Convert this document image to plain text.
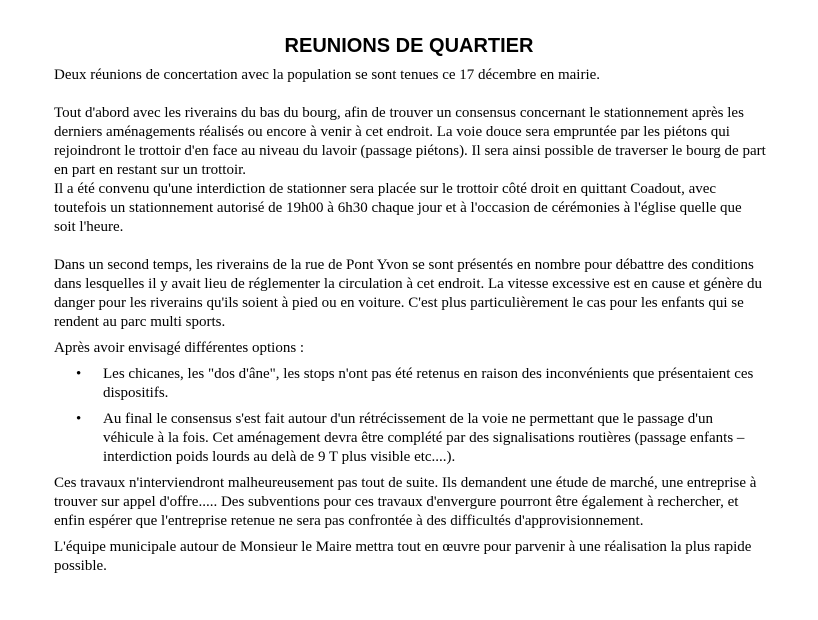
REUNIONS DE QUARTIER

Deux réunions de concertation avec la population se sont tenues ce 17 décembre en mairie.

Tout d'abord avec les riverains du bas du bourg, afin de trouver un consensus concernant le stationnement après les derniers aménagements réalisés ou encore à venir à cet endroit. La voie douce sera empruntée par les piétons qui rejoindront le trottoir d'en face au niveau du lavoir (passage piétons). Il sera ainsi possible de traverser le bourg de part en part en restant sur un trottoir.

Il a été convenu qu'une interdiction de stationner sera placée sur le trottoir côté droit en quittant Coadout, avec toutefois un stationnement autorisé de 19h00 à 6h30 chaque jour et à l'occasion de cérémonies à l'église quelle que soit l'heure.

Dans un second temps, les riverains de la rue de Pont Yvon se sont présentés en nombre pour débattre des conditions dans lesquelles il y avait lieu de réglementer la circulation à cet endroit. La vitesse excessive est en cause et génère du danger pour les riverains qu'ils soient à pied ou en voiture. C'est plus particulièrement le cas pour les enfants qui se rendent au parc multi sports.

Après avoir envisagé différentes options :

• Les chicanes, les "dos d'âne", les stops n'ont pas été retenus en raison des inconvénients que présentaient ces dispositifs.
• Au final le consensus s'est fait autour d'un rétrécissement de la voie ne permettant que le passage d'un véhicule à la fois. Cet aménagement devra être complété par des signalisations routières (passage enfants – interdiction poids lourds au delà de 9 T plus visible etc....).

Ces travaux n'interviendront malheureusement pas tout de suite. Ils demandent une étude de marché, une entreprise à trouver sur appel d'offre..... Des subventions pour ces travaux d'envergure pourront être également à rechercher, et enfin espérer que l'entreprise retenue ne sera pas confrontée à des difficultés d'approvisionnement.

L'équipe municipale autour de Monsieur le Maire mettra tout en œuvre pour parvenir à une réalisation la plus rapide possible.
